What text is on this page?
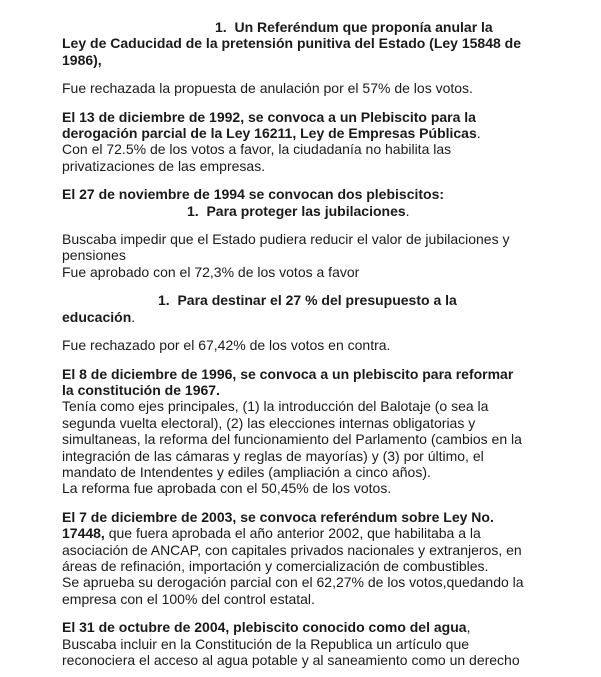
1.  Un Referéndum que proponía anular la
Ley de Caducidad de la pretensión punitiva del Estado (Ley 15848 de
1986),
Fue rechazada la propuesta de anulación por el 57% de los votos.
El 13 de diciembre de 1992, se convoca a un Plebiscito para la
derogación parcial de la Ley 16211, Ley de Empresas Públicas.
Con el 72.5% de los votos a favor, la ciudadanía no habilita las
privatizaciones de las empresas.
El 27 de noviembre de 1994 se convocan dos plebiscitos:
1.  Para proteger las jubilaciones.
Buscaba impedir que el Estado pudiera reducir el valor de jubilaciones y
pensiones
Fue aprobado con el 72,3% de los votos a favor
1.  Para destinar el 27 % del presupuesto a la
educación.
Fue rechazado por el 67,42% de los votos en contra.
El 8 de diciembre de 1996, se convoca a un plebiscito para reformar
la constitución de 1967.
Tenía como ejes principales, (1) la introducción del Balotaje (o sea la
segunda vuelta electoral), (2) las elecciones internas obligatorias y
simultaneas, la reforma del funcionamiento del Parlamento (cambios en la
integración de las cámaras y reglas de mayorías) y (3) por último, el
mandato de Intendentes y ediles (ampliación a cinco años).
La reforma fue aprobada con el 50,45% de los votos.
El 7 de diciembre de 2003, se convoca referéndum sobre Ley No.
17448, que fuera aprobada el año anterior 2002, que habilitaba a la
asociación de ANCAP, con capitales privados nacionales y extranjeros, en
áreas de refinación, importación y comercialización de combustibles.
Se aprueba su derogación parcial con el 62,27% de los votos,quedando la
empresa con el 100% del control estatal.
El 31 de octubre de 2004, plebiscito conocido como del agua,
Buscaba incluir en la Constitución de la Republica un artículo que
reconociera el acceso al agua potable y al saneamiento como un derecho
